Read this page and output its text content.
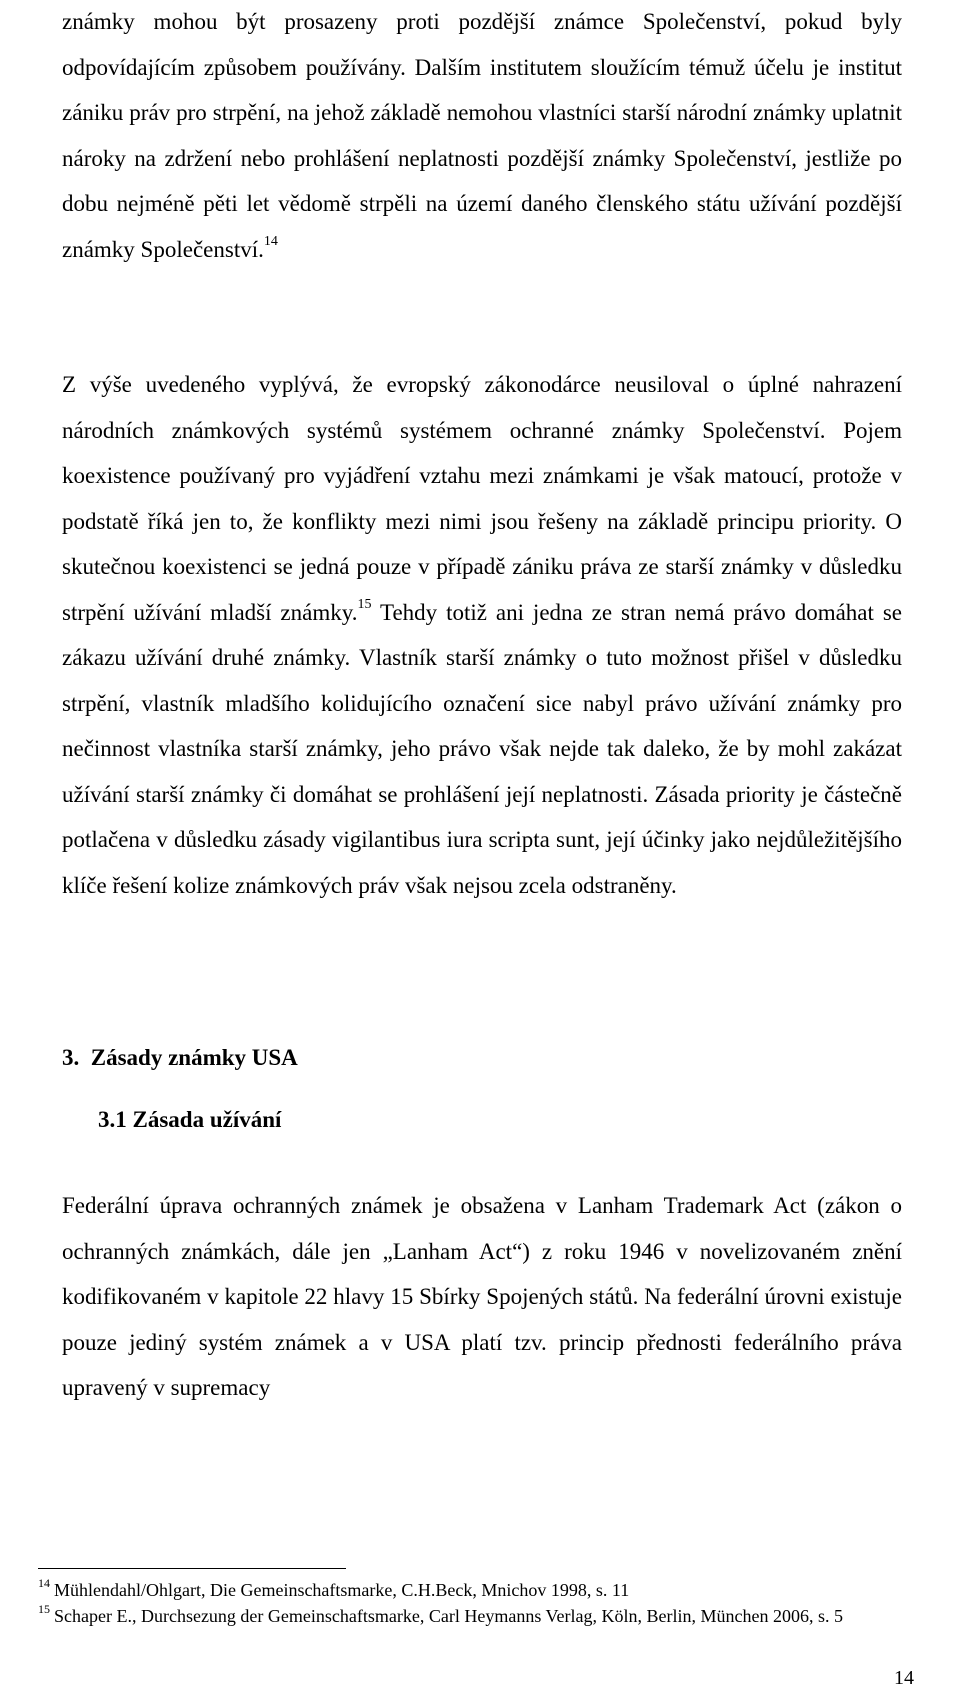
známky mohou být prosazeny proti pozdější známce Společenství, pokud byly odpovídajícím způsobem používány. Dalším institutem sloužícím témuž účelu je institut zániku práv pro strpění, na jehož základě nemohou vlastníci starší národní známky uplatnit nároky na zdržení nebo prohlášení neplatnosti pozdější známky Společenství, jestliže po dobu nejméně pěti let vědomě strpěli na území daného členského státu užívání pozdější známky Společenství.$^{14}$

Z výše uvedeného vyplývá, že evropský zákonodárce neusiloval o úplné nahrazení národních známkových systémů systémem ochranné známky Společenství. Pojem koexistence používaný pro vyjádření vztahu mezi známkami je však matoucí, protože v podstatě říká jen to, že konflikty mezi nimi jsou řešeny na základě principu priority. O skutečnou koexistenci se jedná pouze v případě zániku práva ze starší známky v důsledku strpění užívání mladší známky.$^{15}$ Tehdy totiž ani jedna ze stran nemá právo domáhat se zákazu užívání druhé známky. Vlastník starší známky o tuto možnost přišel v důsledku strpění, vlastník mladšího kolidujícího označení sice nabyl právo užívání známky pro nečinnost vlastníka starší známky, jeho právo však nejde tak daleko, že by mohl zakázat užívání starší známky či domáhat se prohlášení její neplatnosti. Zásada priority je částečně potlačena v důsledku zásady vigilantibus iura scripta sunt, její účinky jako nejdůležitějšího klíče řešení kolize známkových práv však nejsou zcela odstraněny.

3.  Zásady známky USA
3.1 Zásada užívání

Federální úprava ochranných známek je obsažena v Lanham Trademark Act (zákon o ochranných známkách, dále jen „Lanham Act“) z roku 1946 v novelizovaném znění kodifikovaném v kapitole 22 hlavy 15 Sbírky Spojených států. Na federální úrovni existuje pouze jediný systém známek a v USA platí tzv. princip přednosti federálního práva upravený v supremacy

$^{14}$ Mühlendahl/Ohlgart, Die Gemeinschaftsmarke, C.H.Beck, Mnichov 1998, s. 11

$^{15}$ Schaper E., Durchsezung der Gemeinschaftsmarke, Carl Heymanns Verlag, Köln, Berlin, München 2006, s. 5

14
